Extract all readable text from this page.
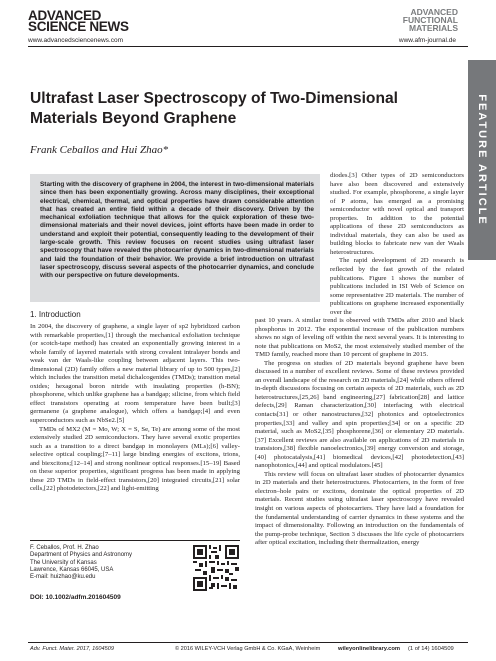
ADVANCED
SCIENCE NEWS
www.advancedsciencenews.com
ADVANCED
FUNCTIONAL
MATERIALS
www.afm-journal.de
FEATURE ARTICLE
Ultrafast Laser Spectroscopy of Two-Dimensional Materials Beyond Graphene
Frank Ceballos and Hui Zhao*
Starting with the discovery of graphene in 2004, the interest in two-dimensional materials since then has been exponentially growing. Across many disciplines, their exceptional electrical, chemical, thermal, and optical properties have drawn considerable attention that has created an entire field within a decade of their discovery. Driven by the mechanical exfoliation technique that allows for the quick exploration of these two-dimensional materials and their novel devices, joint efforts have been made in order to understand and exploit their potential, consequently leading to the development of their large-scale growth. This review focuses on recent studies using ultrafast laser spectroscopy that have revealed the photocarrier dynamics in two-dimensional materials and laid the foundation of their behavior. We provide a brief introduction on ultrafast laser spectroscopy, discuss several aspects of the photocarrier dynamics, and conclude with our perspective on future developments.

diodes.[3] Other types of 2D semiconductors have also been discovered and extensively studied. For example, phosphorene, a single layer of P atoms, has emerged as a promising semiconductor with novel optical and transport properties. In addition to the potential applications of these 2D semiconductors as individual materials, they can also be used as building blocks to fabricate new van der Waals heterostructures.

The rapid development of 2D research is reflected by the fast growth of the related publications. Figure 1 shows the number of publications included in ISI Web of Science on some representative 2D materials. The number of publications on graphene increased exponentially over the

1. Introduction

In 2004, the discovery of graphene, a single layer of sp2 hybridized carbon with remarkable properties,[1] through the mechanical exfoliation technique (or scotch-tape method) has created an exponentially growing interest in a whole family of layered materials with strong covalent intralayer bonds and weak van der Waals-like coupling between adjacent layers. This two-dimensional (2D) family offers a new material library of up to 500 types,[2] which includes the transition metal dichalcogenides (TMDs); transition metal oxides; hexagonal boron nitride with insulating properties (h-BN); phosphorene, which unlike graphene has a bandgap; silicine, from which field effect transistors operating at room temperature have been built;[3] germanene (a graphene analogue), which offers a bandgap;[4] and even superconductors such as NbSe2.[5]

TMDs of MX2 (M = Mo, W; X = S, Se, Te) are among some of the most extensively studied 2D semiconductors. They have several exotic properties such as a transition to a direct bandgap in monolayers (MLs);[6] valley-selective optical coupling;[7–11] large binding energies of excitons, trions, and biexcitons;[12–14] and strong nonlinear optical responses.[15–19] Based on these superior properties, significant progress has been made in applying these 2D TMDs in field-effect transistors,[20] integrated circuits,[21] solar cells,[22] photodetectors,[22] and light-emitting

past 10 years. A similar trend is observed with TMDs after 2010 and black phosphorus in 2012. The exponential increase of the publication numbers shows no sign of leveling off within the next several years. It is interesting to note that publications on MoS2, the most extensively studied member of the TMD family, reached more than 10 percent of graphene in 2015.

The progress on studies of 2D materials beyond graphene have been discussed in a number of excellent reviews. Some of these reviews provided an overall landscape of the research on 2D materials,[24] while others offered in-depth discussions focusing on certain aspects of 2D materials, such as 2D heterostructures,[25,26] band engineering,[27] fabrication[28] and lattice defects,[29] Raman characterization,[30] interfacing with electrical contacts[31] or other nanostructures,[32] photonics and optoelectronics properties,[33] and valley and spin properties;[34] or on a specific 2D material, such as MoS2,[35] phosphorene,[36] or elementary 2D materials.[37] Excellent reviews are also available on applications of 2D materials in transistors,[38] flexible nanoelectronics,[39] energy conversion and storage,[40] photocatalysis,[41] biomedical devices,[42] photodetection,[43] nanophotonics,[44] and optical modulators.[45]

This review will focus on ultrafast laser studies of photocarrier dynamics in 2D materials and their heterostructures. Photocarriers, in the form of free electron–hole pairs or excitons, dominate the optical properties of 2D materials. Recent studies using ultrafast laser spectroscopy have revealed insight on various aspects of photocarriers. They have laid a foundation for the fundamental understanding of carrier dynamics in these systems and the impact of dimensionality. Following an introduction on the fundamentals of the pump-probe technique, Section 3 discusses the life cycle of photocarriers after optical excitation, including their thermalization, energy

F. Ceballos, Prof. H. Zhao
Department of Physics and Astronomy
The University of Kansas
Lawrence, Kansas 66045, USA
E-mail: huizhao@ku.edu
DOI: 10.1002/adfm.201604509
Adv. Funct. Mater. 2017, 1604509	© 2016 WILEY-VCH Verlag GmbH & Co. KGaA, Weinheim	wileyonlinelibrary.com (1 of 14) 1604509
